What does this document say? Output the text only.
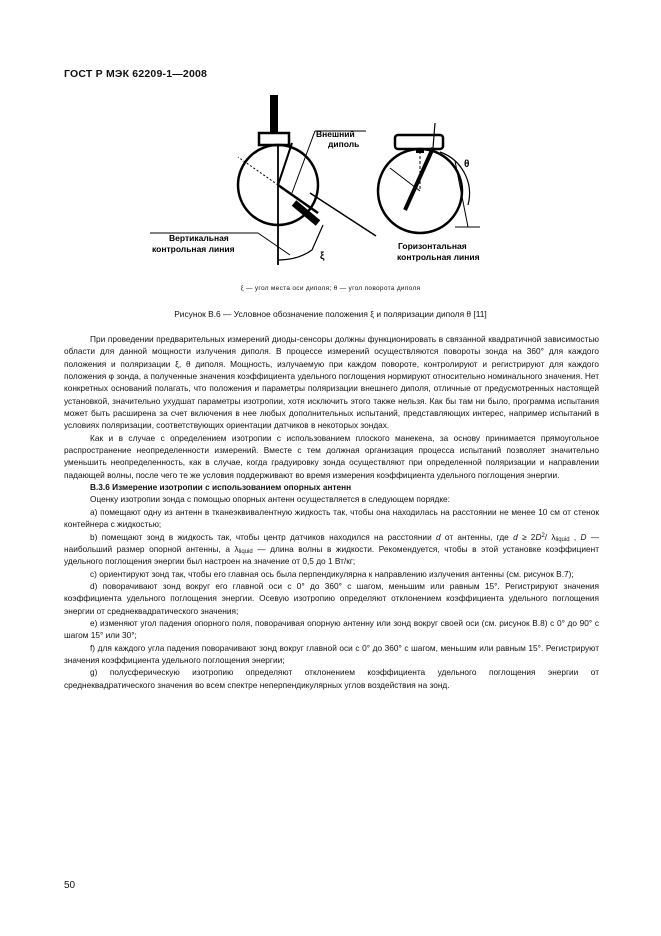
ГОСТ Р МЭК 62209-1—2008
Внешний
диполь
Вертикальная
контрольная линия	Горизонтальная
контрольная линия
ξ
θ
ξ — угол места оси диполя; θ — угол поворота диполя
Рисунок B.6 — Условное обозначение положения ξ и поляризации диполя θ [11]

При проведении предварительных измерений диоды-сенсоры должны функционировать в связанной квадратичной зависимостью области для данной мощности излучения диполя. В процессе измерений осуществляются повороты зонда на 360° для каждого положения и поляризации ξ, θ диполя. Мощность, излучаемую при каждом повороте, контролируют и регистрируют для каждого положения φ зонда, а полученные значения коэффициента удельного поглощения нормируют относительно номинального значения. Нет конкретных оснований полагать, что положения и параметры поляризации внешнего диполя, отличные от предусмотренных настоящей установкой, значительно ухудшат параметры изотропии, хотя исключить этого также нельзя. Как бы там ни было, программа испытания может быть расширена за счет включения в нее любых дополнительных испытаний, представляющих интерес, например испытаний в условиях поляризации, соответствующих ориентации датчиков в некоторых зондах.

Как и в случае с определением изотропии с использованием плоского манекена, за основу принимается прямоугольное распространение неопределенности измерений. Вместе с тем должная организация процесса испытаний позволяет значительно уменьшить неопределенность, как в случае, когда градуировку зонда осуществляют при определенной поляризации и направлении падающей волны, после чего те же условия поддерживают во время измерения коэффициента удельного поглощения энергии.

B.3.6 Измерение изотропии с использованием опорных антенн

Оценку изотропии зонда с помощью опорных антенн осуществляется в следующем порядке:

а) помещают одну из антенн в тканеэквивалентную жидкость так, чтобы она находилась на расстоянии не менее 10 см от стенок контейнера с жидкостью;

b) помещают зонд в жидкость так, чтобы центр датчиков находился на расстоянии d от антенны, где $d \ge 2D^2/$ $\lambda_{liquid}$ , D — наибольший размер опорной антенны, а $\lambda_{liquid}$ — длина волны в жидкости. Рекомендуется, чтобы в этой установке коэффициент удельного поглощения энергии был настроен на значение от 0,5 до 1 Вт/кг;

c) ориентируют зонд так, чтобы его главная ось была перпендикулярна к направлению излучения антенны (см. рисунок B.7);

d) поворачивают зонд вокруг его главной оси с 0° до 360° с шагом, меньшим или равным 15°. Регистрируют значения коэффициента удельного поглощения энергии. Осевую изотропию определяют отклонением коэффициента удельного поглощения энергии от среднеквадратического значения;

e) изменяют угол падения опорного поля, поворачивая опорную антенну или зонд вокруг своей оси (см. рисунок B.8) с 0° до 90° с шагом 15° или 30°;

f) для каждого угла падения поворачивают зонд вокруг главной оси с 0° до 360° с шагом, меньшим или равным 15°. Регистрируют значения коэффициента удельного поглощения энергии;

g) полусферическую изотропию определяют отклонением коэффициента удельного поглощения энергии от среднеквадратического значения во всем спектре неперпендикулярных углов воздействия на зонд.

50
